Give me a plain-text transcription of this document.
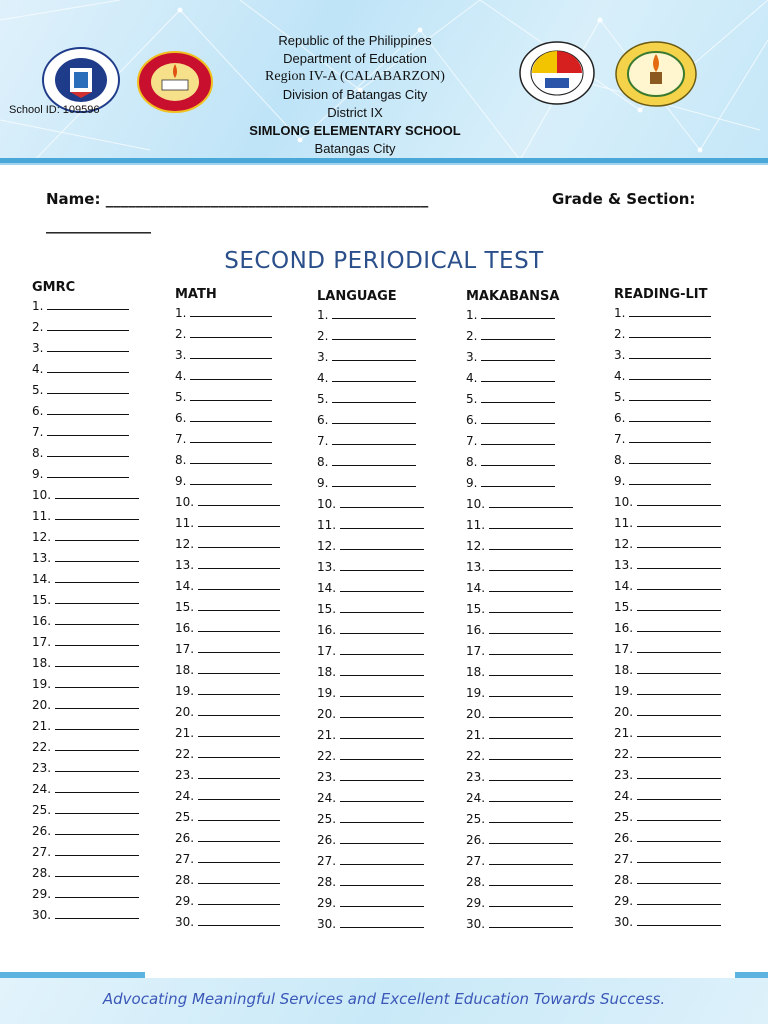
School ID: 109596
Republic of the Philippines
Department of Education
Region IV-A (CALABARZON)
Division of Batangas City
District IX
SIMLONG ELEMENTARY SCHOOL
Batangas City
Name: ___________________________________________	Grade & Section:
______________
SECOND PERIODICAL TEST
GMRC
1.
2.
3.
4.
5.
6.
7.
8.
9.
10.
11.
12.
13.
14.
15.
16.
17.
18.
19.
20.
21.
22.
23.
24.
25.
26.
27.
28.
29.
30.
MATH
1.
2.
3.
4.
5.
6.
7.
8.
9.
10.
11.
12.
13.
14.
15.
16.
17.
18.
19.
20.
21.
22.
23.
24.
25.
26.
27.
28.
29.
30.
LANGUAGE
1.
2.
3.
4.
5.
6.
7.
8.
9.
10.
11.
12.
13.
14.
15.
16.
17.
18.
19.
20.
21.
22.
23.
24.
25.
26.
27.
28.
29.
30.
MAKABANSA
1.
2.
3.
4.
5.
6.
7.
8.
9.
10.
11.
12.
13.
14.
15.
16.
17.
18.
19.
20.
21.
22.
23.
24.
25.
26.
27.
28.
29.
30.
READING-LIT
1.
2.
3.
4.
5.
6.
7.
8.
9.
10.
11.
12.
13.
14.
15.
16.
17.
18.
19.
20.
21.
22.
23.
24.
25.
26.
27.
28.
29.
30.
Advocating Meaningful Services and Excellent Education Towards Success.
